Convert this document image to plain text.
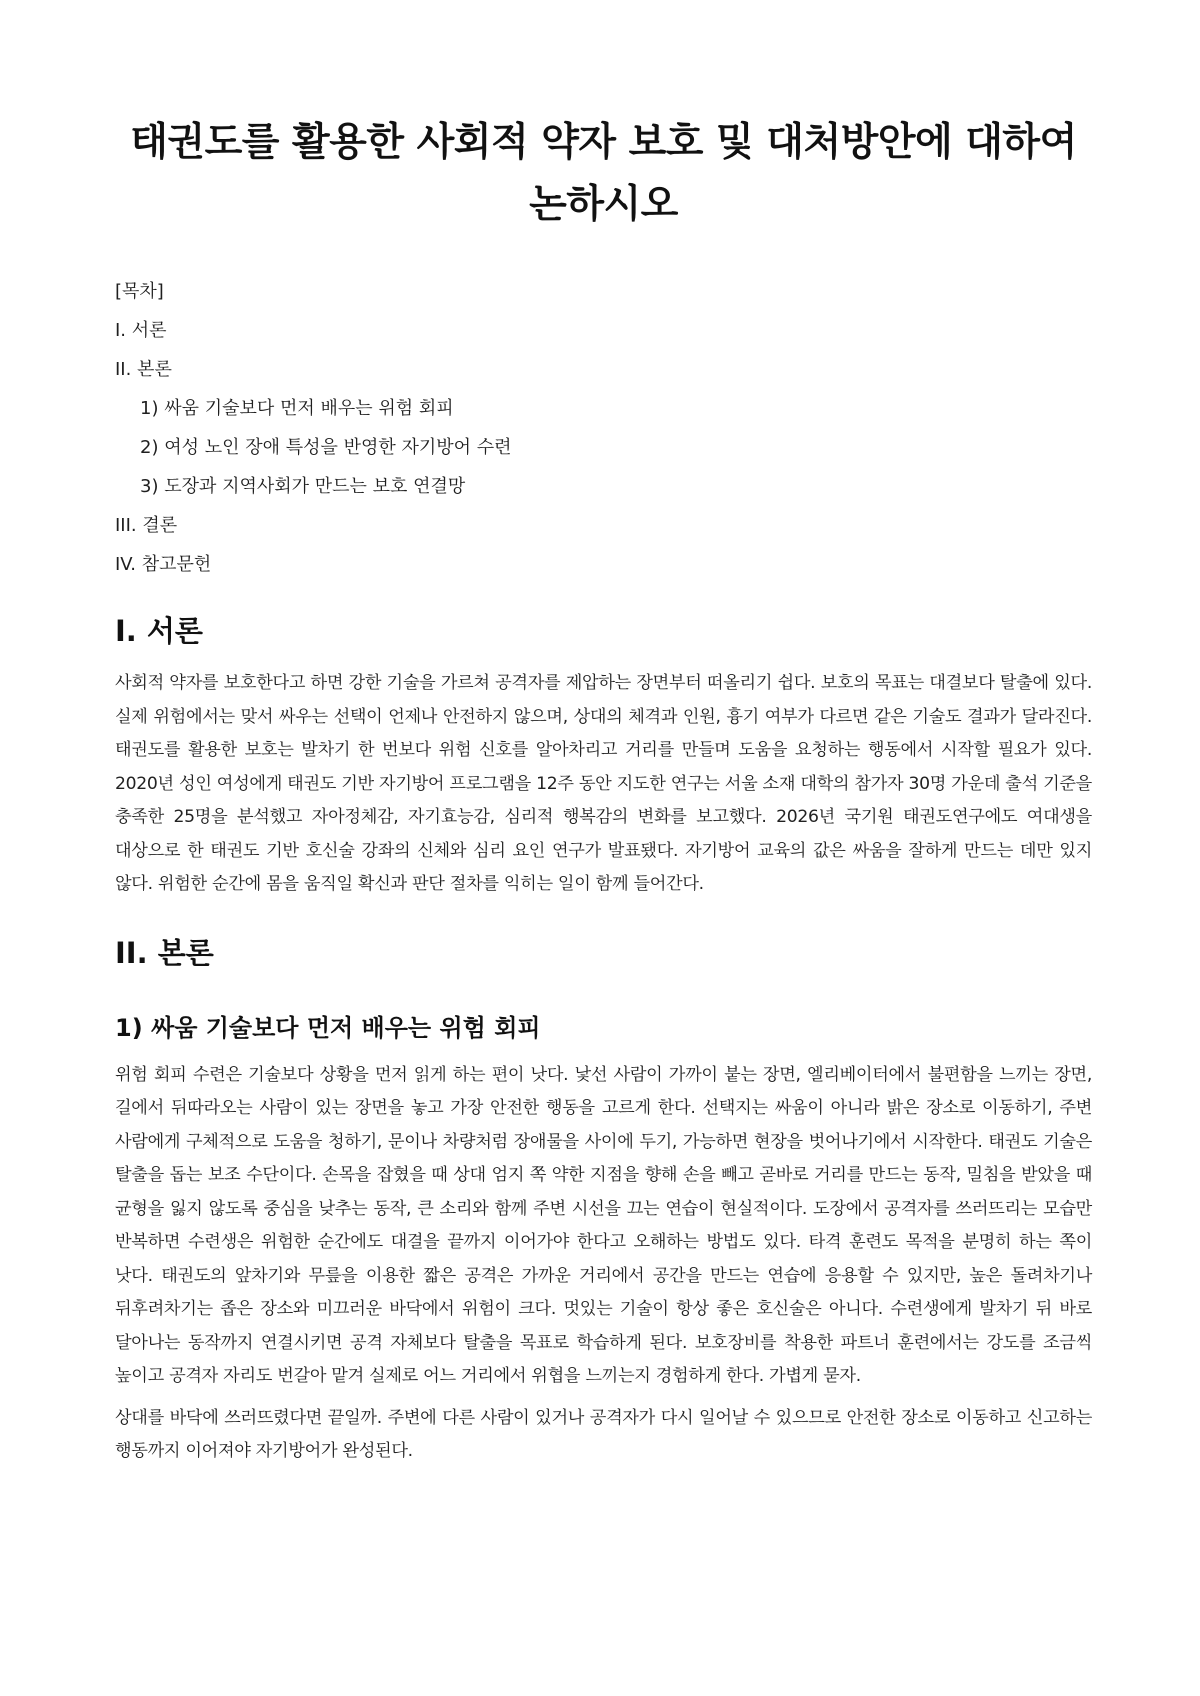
태권도를 활용한 사회적 약자 보호 및 대처방안에 대하여 논하시오
[목차]
I. 서론
II. 본론
1) 싸움 기술보다 먼저 배우는 위험 회피
2) 여성 노인 장애 특성을 반영한 자기방어 수련
3) 도장과 지역사회가 만드는 보호 연결망
III. 결론
IV. 참고문헌
I. 서론

사회적 약자를 보호한다고 하면 강한 기술을 가르쳐 공격자를 제압하는 장면부터 떠올리기 쉽다. 보호의 목표는 대결보다 탈출에 있다. 실제 위험에서는 맞서 싸우는 선택이 언제나 안전하지 않으며, 상대의 체격과 인원, 흉기 여부가 다르면 같은 기술도 결과가 달라진다. 태권도를 활용한 보호는 발차기 한 번보다 위험 신호를 알아차리고 거리를 만들며 도움을 요청하는 행동에서 시작할 필요가 있다. 2020년 성인 여성에게 태권도 기반 자기방어 프로그램을 12주 동안 지도한 연구는 서울 소재 대학의 참가자 30명 가운데 출석 기준을 충족한 25명을 분석했고 자아정체감, 자기효능감, 심리적 행복감의 변화를 보고했다. 2026년 국기원 태권도연구에도 여대생을 대상으로 한 태권도 기반 호신술 강좌의 신체와 심리 요인 연구가 발표됐다. 자기방어 교육의 값은 싸움을 잘하게 만드는 데만 있지 않다. 위험한 순간에 몸을 움직일 확신과 판단 절차를 익히는 일이 함께 들어간다.

II. 본론
1) 싸움 기술보다 먼저 배우는 위험 회피

위험 회피 수련은 기술보다 상황을 먼저 읽게 하는 편이 낫다. 낯선 사람이 가까이 붙는 장면, 엘리베이터에서 불편함을 느끼는 장면, 길에서 뒤따라오는 사람이 있는 장면을 놓고 가장 안전한 행동을 고르게 한다. 선택지는 싸움이 아니라 밝은 장소로 이동하기, 주변 사람에게 구체적으로 도움을 청하기, 문이나 차량처럼 장애물을 사이에 두기, 가능하면 현장을 벗어나기에서 시작한다. 태권도 기술은 탈출을 돕는 보조 수단이다. 손목을 잡혔을 때 상대 엄지 쪽 약한 지점을 향해 손을 빼고 곧바로 거리를 만드는 동작, 밀침을 받았을 때 균형을 잃지 않도록 중심을 낮추는 동작, 큰 소리와 함께 주변 시선을 끄는 연습이 현실적이다. 도장에서 공격자를 쓰러뜨리는 모습만 반복하면 수련생은 위험한 순간에도 대결을 끝까지 이어가야 한다고 오해하는 방법도 있다. 타격 훈련도 목적을 분명히 하는 쪽이 낫다. 태권도의 앞차기와 무릎을 이용한 짧은 공격은 가까운 거리에서 공간을 만드는 연습에 응용할 수 있지만, 높은 돌려차기나 뒤후려차기는 좁은 장소와 미끄러운 바닥에서 위험이 크다. 멋있는 기술이 항상 좋은 호신술은 아니다. 수련생에게 발차기 뒤 바로 달아나는 동작까지 연결시키면 공격 자체보다 탈출을 목표로 학습하게 된다. 보호장비를 착용한 파트너 훈련에서는 강도를 조금씩 높이고 공격자 자리도 번갈아 맡겨 실제로 어느 거리에서 위협을 느끼는지 경험하게 한다. 가볍게 묻자.

상대를 바닥에 쓰러뜨렸다면 끝일까. 주변에 다른 사람이 있거나 공격자가 다시 일어날 수 있으므로 안전한 장소로 이동하고 신고하는 행동까지 이어져야 자기방어가 완성된다.
